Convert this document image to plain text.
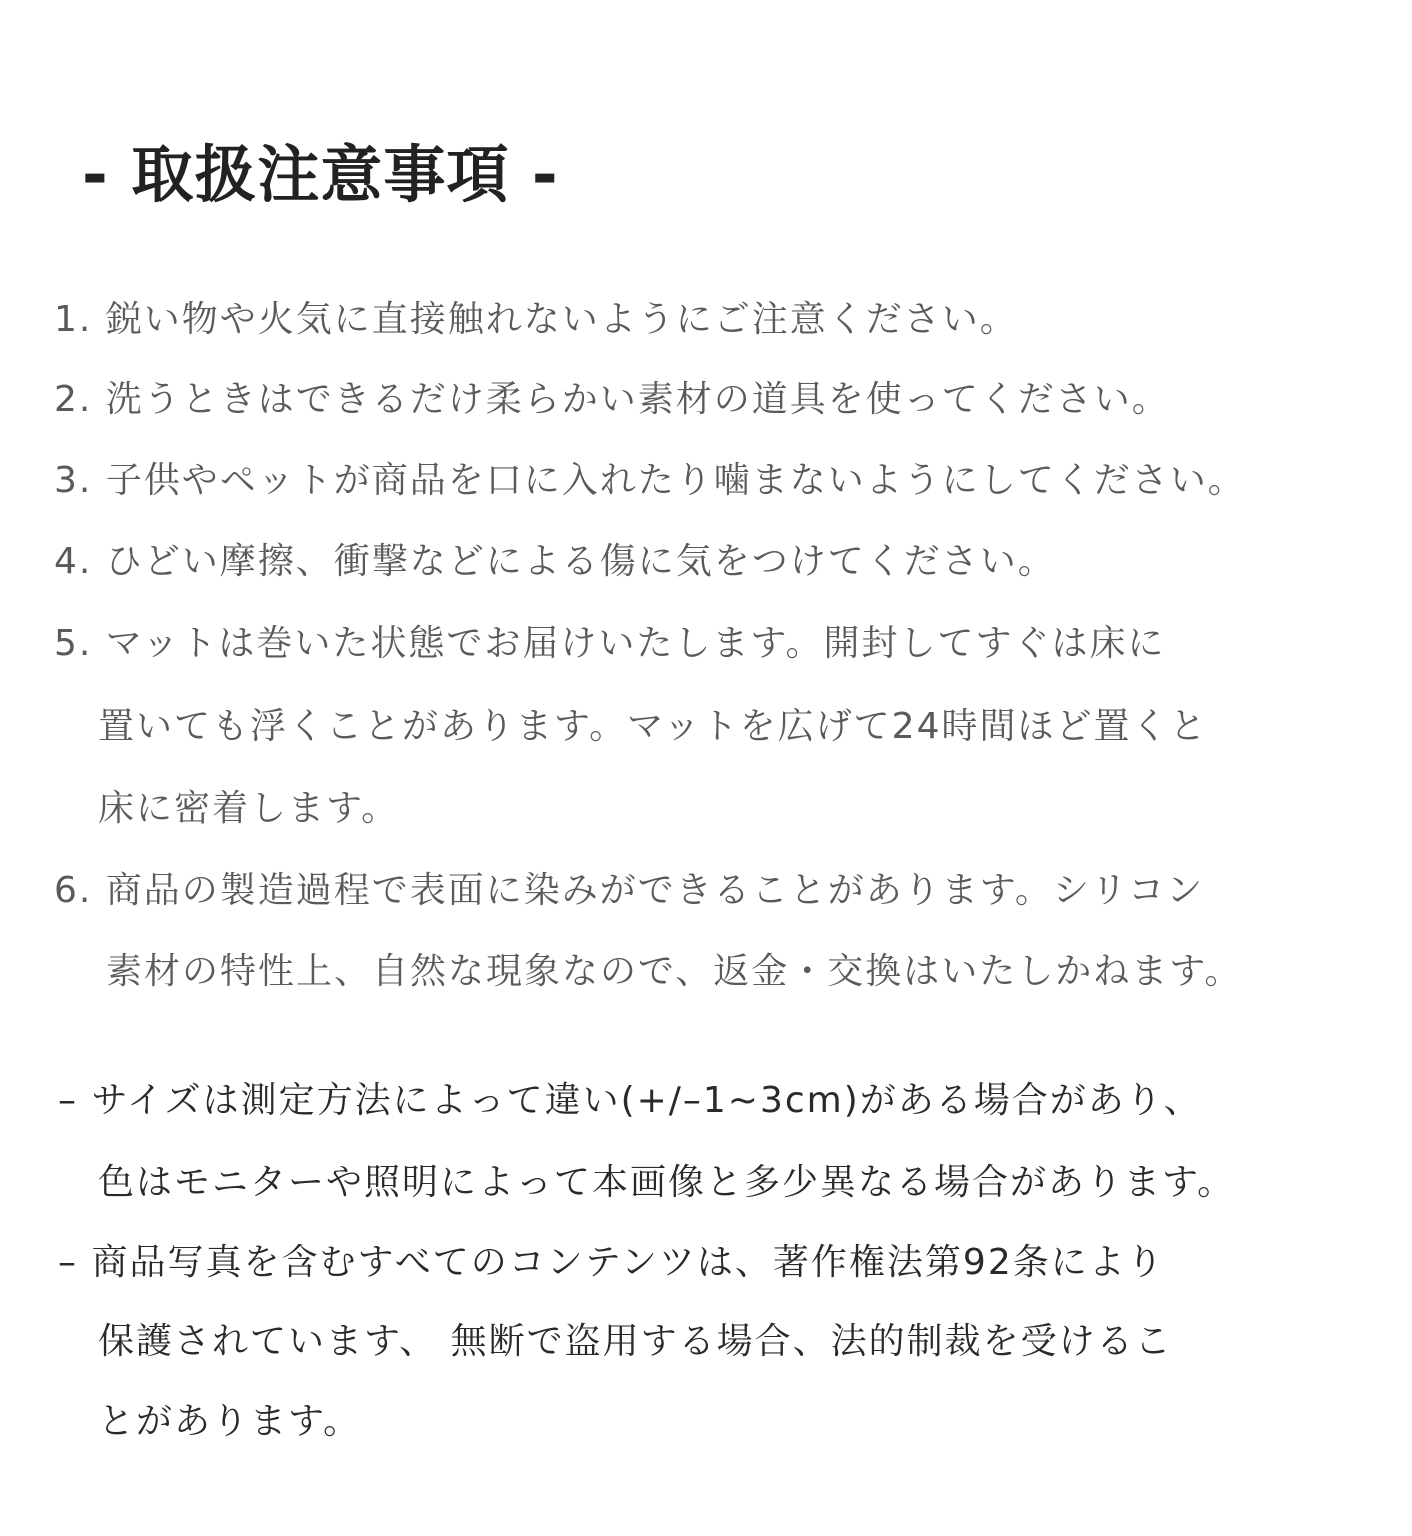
- 取扱注意事項 -
1. 鋭い物や火気に直接触れないようにご注意ください。
2. 洗うときはできるだけ柔らかい素材の道具を使ってください。
3. 子供やペットが商品を口に入れたり噛まないようにしてください。
4. ひどい摩擦、衝撃などによる傷に気をつけてください。
5. マットは巻いた状態でお届けいたします。開封してすぐは床に
置いても浮くことがあります。マットを広げて24時間ほど置くと
床に密着します。
6. 商品の製造過程で表面に染みができることがあります。シリコン
素材の特性上、自然な現象なので、返金・交換はいたしかねます。
– サイズは測定方法によって違い(+/–1~3cm)がある場合があり、
色はモニターや照明によって本画像と多少異なる場合があります。
– 商品写真を含むすべてのコンテンツは、著作権法第92条により
保護されています、 無断で盗用する場合、法的制裁を受けるこ
とがあります。
